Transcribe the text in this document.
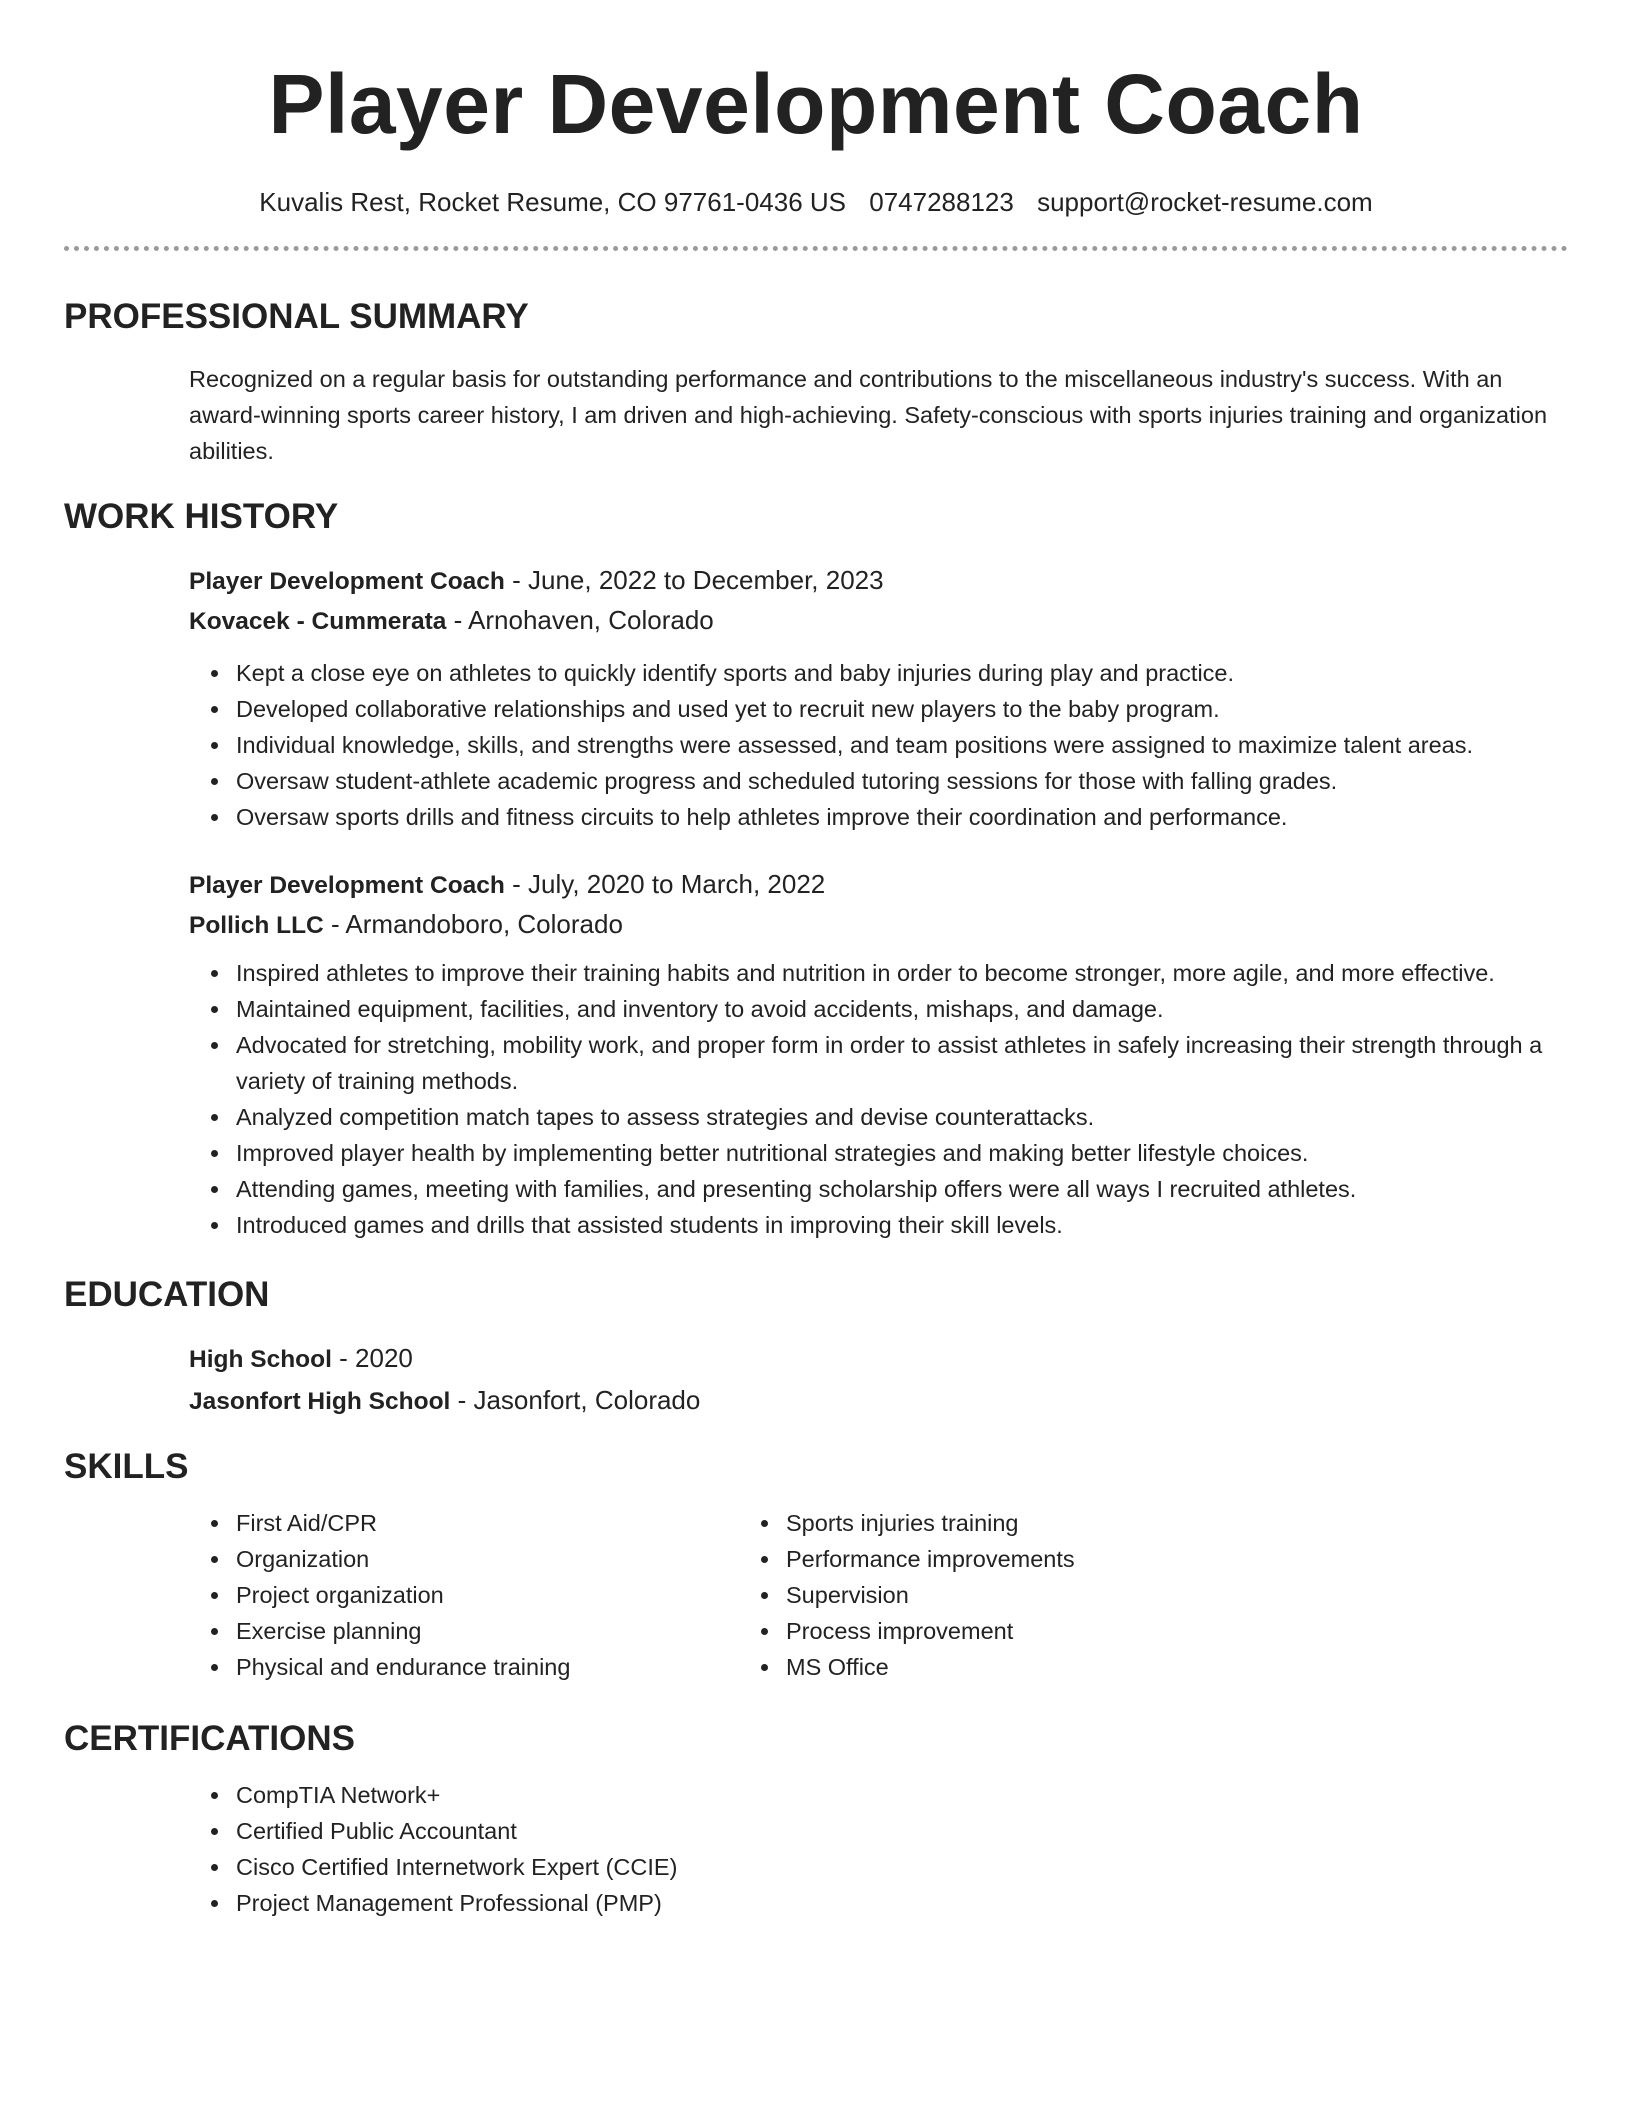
Player Development Coach
Kuvalis Rest, Rocket Resume, CO 97761-0436 US 0747288123 support@rocket-resume.com
PROFESSIONAL SUMMARY

Recognized on a regular basis for outstanding performance and contributions to the miscellaneous industry's success. With an award-winning sports career history, I am driven and high-achieving. Safety-conscious with sports injuries training and organization abilities.

WORK HISTORY
Player Development Coach - June, 2022 to December, 2023
Kovacek - Cummerata - Arnohaven, Colorado
• Kept a close eye on athletes to quickly identify sports and baby injuries during play and practice.
• Developed collaborative relationships and used yet to recruit new players to the baby program.
• Individual knowledge, skills, and strengths were assessed, and team positions were assigned to maximize talent areas.
• Oversaw student-athlete academic progress and scheduled tutoring sessions for those with falling grades.
• Oversaw sports drills and fitness circuits to help athletes improve their coordination and performance.
Player Development Coach - July, 2020 to March, 2022
Pollich LLC - Armandoboro, Colorado
• Inspired athletes to improve their training habits and nutrition in order to become stronger, more agile, and more effective.
• Maintained equipment, facilities, and inventory to avoid accidents, mishaps, and damage.
• Advocated for stretching, mobility work, and proper form in order to assist athletes in safely increasing their strength through a variety of training methods.
• Analyzed competition match tapes to assess strategies and devise counterattacks.
• Improved player health by implementing better nutritional strategies and making better lifestyle choices.
• Attending games, meeting with families, and presenting scholarship offers were all ways I recruited athletes.
• Introduced games and drills that assisted students in improving their skill levels.
EDUCATION
High School - 2020
Jasonfort High School - Jasonfort, Colorado
SKILLS
• First Aid/CPR
• Organization
• Project organization
• Exercise planning
• Physical and endurance training
• Sports injuries training
• Performance improvements
• Supervision
• Process improvement
• MS Office
CERTIFICATIONS
• CompTIA Network+
• Certified Public Accountant
• Cisco Certified Internetwork Expert (CCIE)
• Project Management Professional (PMP)
